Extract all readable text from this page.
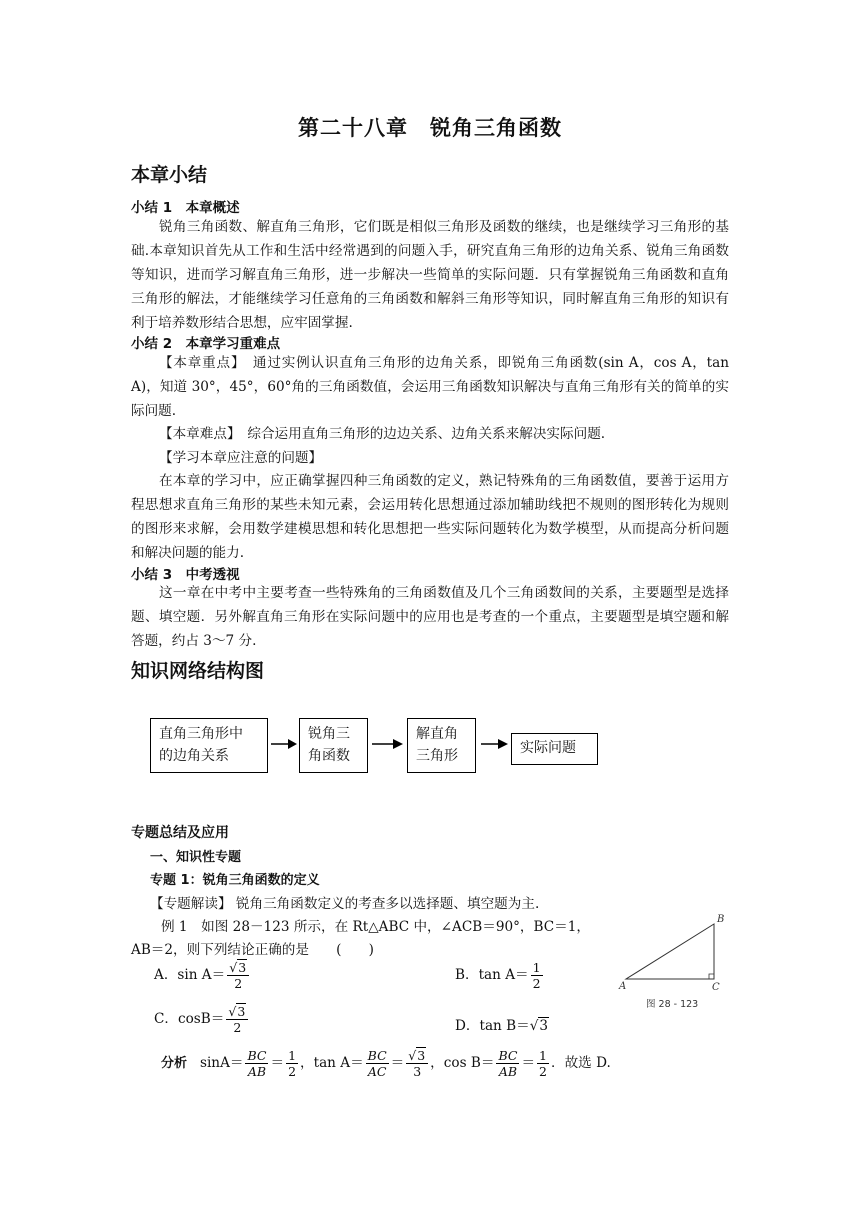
第二十八章　锐角三角函数
本章小结
小结 1　本章概述

锐角三角函数、解直角三角形，它们既是相似三角形及函数的继续，也是继续学习三角形的基础.本章知识首先从工作和生活中经常遇到的问题入手，研究直角三角形的边角关系、锐角三角函数等知识，进而学习解直角三角形，进一步解决一些简单的实际问题．只有掌握锐角三角函数和直角三角形的解法，才能继续学习任意角的三角函数和解斜三角形等知识，同时解直角三角形的知识有利于培养数形结合思想，应牢固掌握.

小结 2　本章学习重难点

【本章重点】　通过实例认识直角三角形的边角关系，即锐角三角函数(sin A，cos A，tan A)，知道 30°，45°，60°角的三角函数值，会运用三角函数知识解决与直角三角形有关的简单的实际问题.

【本章难点】　综合运用直角三角形的边边关系、边角关系来解决实际问题.

【学习本章应注意的问题】

在本章的学习中，应正确掌握四种三角函数的定义，熟记特殊角的三角函数值，要善于运用方程思想求直角三角形的某些未知元素，会运用转化思想通过添加辅助线把不规则的图形转化为规则的图形来求解，会用数学建模思想和转化思想把一些实际问题转化为数学模型，从而提高分析问题和解决问题的能力.

小结 3　中考透视

这一章在中考中主要考查一些特殊角的三角函数值及几个三角函数间的关系，主要题型是选择题、填空题．另外解直角三角形在实际问题中的应用也是考查的一个重点，主要题型是填空题和解答题，约占 3～7 分.

知识网络结构图
直角三角形中
的边角关系
锐角三
角函数
解直角
三角形	实际问题
专题总结及应用
一、知识性专题
专题 1：锐角三角函数的定义
【专题解读】 锐角三角函数定义的考查多以选择题、填空题为主.
例 1　如图 28－123 所示，在 Rt△ABC 中，∠ACB＝90°，BC＝1，
AB＝2，则下列结论正确的是　　(　　)
A．$\sin A= \frac{√3}{2}$	B．$\tan A= \frac{1}{2}$
C．$\cos B= \frac{√3}{2}$	D．tan B＝√3
A
B
C
图 28 - 123
分析 $\sin A= \frac{BC}{AB} = \frac{1}{2}$ ，$\tan A= \frac{BC}{AC} = \frac{√3}{3}$ ，$\cos B= \frac{BC}{AB} = \frac{1}{2}$ ．故选 D.
